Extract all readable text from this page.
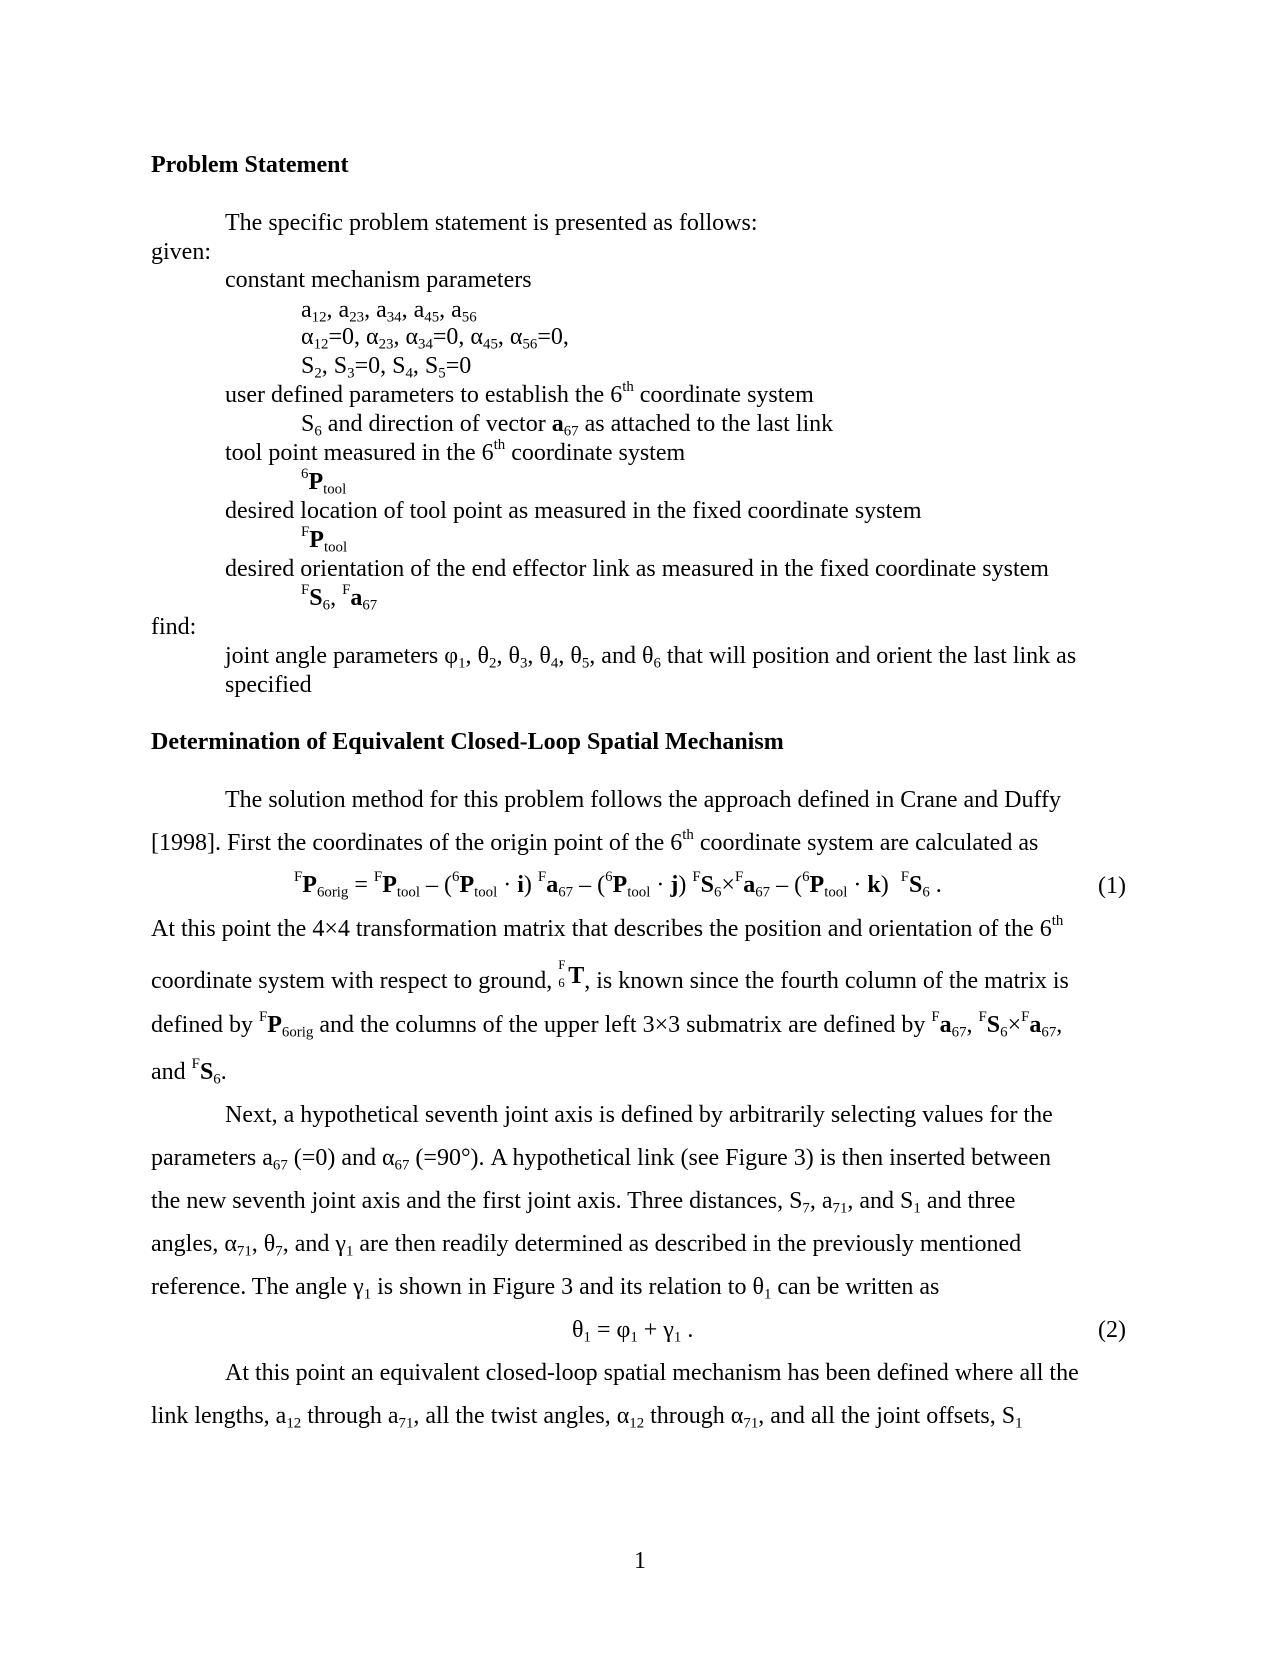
Problem Statement
The specific problem statement is presented as follows:
given:
constant mechanism parameters
$a_{12}$, $a_{23}$, $a_{34}$, $a_{45}$, $a_{56}$
$\alpha_{12}=0$, $\alpha_{23}$, $\alpha_{34}=0$, $\alpha_{45}$, $\alpha_{56}=0$,
$S_2$, $S_3=0$, $S_4$, $S_5=0$
user defined parameters to establish the 6th coordinate system
$S_6$ and direction of vector $a_{67}$ as attached to the last link
tool point measured in the 6th coordinate system
$^6P_{tool}$
desired location of tool point as measured in the fixed coordinate system
$^FP_{tool}$
desired orientation of the end effector link as measured in the fixed coordinate system
$^FS_6$, $^Fa_{67}$
find:
joint angle parameters $\varphi_1$, $\theta_2$, $\theta_3$, $\theta_4$, $\theta_5$, and $\theta_6$ that will position and orient the last link as
specified
Determination of Equivalent Closed-Loop Spatial Mechanism
The solution method for this problem follows the approach defined in Crane and Duffy
[1998]. First the coordinates of the origin point of the 6th coordinate system are calculated as
$^FP_{6orig} = ^FP_{tool} - (^6P_{tool} \cdot i)$ $^Fa_{67} - (^6P_{tool} \cdot j)$ $^FS_6\times^Fa_{67} - (^6P_{tool} \cdot k)$  $^FS_6$ .	(1)
At this point the 4×4 transformation matrix that describes the position and orientation of the 6th
coordinate system with respect to ground,
F
6 T , is known since the fourth column of the matrix is
defined by $^FP_{6orig}$ and the columns of the upper left 3×3 submatrix are defined by $^Fa_{67}$, $^FS_6\times^Fa_{67}$,
and $^FS_6$.
Next, a hypothetical seventh joint axis is defined by arbitrarily selecting values for the
parameters $a_{67}$ (=0) and $\alpha_{67}$ (=90°). A hypothetical link (see Figure 3) is then inserted between
the new seventh joint axis and the first joint axis. Three distances, $S_7$, $a_{71}$, and $S_1$ and three
angles, $\alpha_{71}$, $\theta_7$, and $\gamma_1$ are then readily determined as described in the previously mentioned
reference. The angle $\gamma_1$ is shown in Figure 3 and its relation to $\theta_1$ can be written as
$\theta_1 = \varphi_1 + \gamma_1$ .	(2)
At this point an equivalent closed-loop spatial mechanism has been defined where all the
link lengths, $a_{12}$ through $a_{71}$, all the twist angles, $\alpha_{12}$ through $\alpha_{71}$, and all the joint offsets, $S_1$
1
